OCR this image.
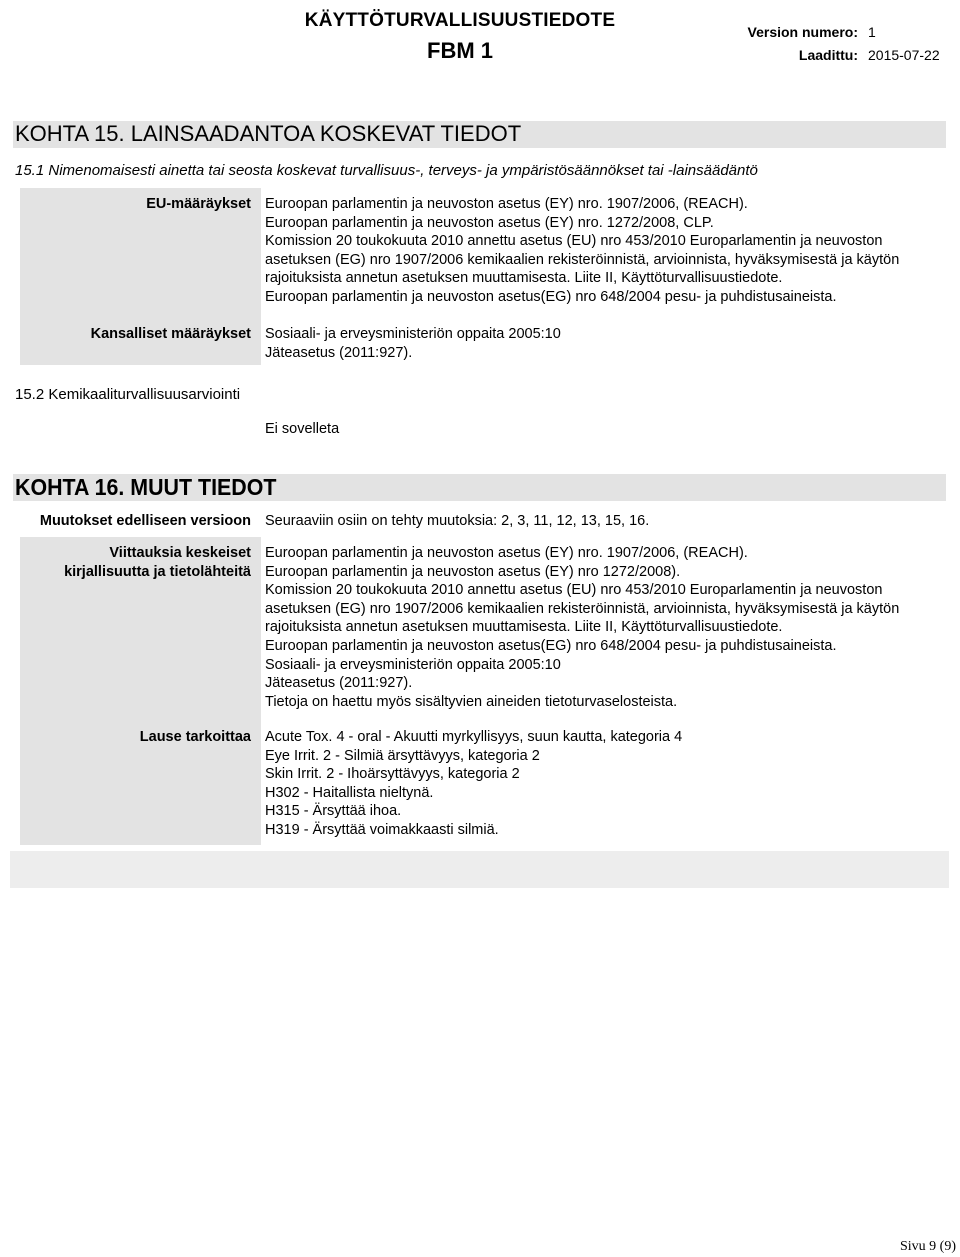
KÄYTTÖTURVALLISUUSTIEDOTE
FBM 1
Version numero: 1
Laadittu: 2015-07-22
KOHTA 15. LAINSAADANTOA KOSKEVAT TIEDOT
15.1 Nimenomaisesti ainetta tai seosta koskevat turvallisuus-, terveys- ja ympäristösäännökset tai -lainsäädäntö
EU-määräykset Euroopan parlamentin ja neuvoston asetus (EY) nro. 1907/2006, (REACH).
Euroopan parlamentin ja neuvoston asetus (EY) nro. 1272/2008, CLP.
Komission 20 toukokuuta 2010 annettu asetus (EU) nro 453/2010 Europarlamentin ja neuvoston
asetuksen (EG) nro 1907/2006 kemikaalien rekisteröinnistä, arvioinnista, hyväksymisestä ja käytön
rajoituksista annetun asetuksen muuttamisesta. Liite II, Käyttöturvallisuustiedote.
Euroopan parlamentin ja neuvoston asetus(EG) nro 648/2004 pesu- ja puhdistusaineista.
Kansalliset määräykset Sosiaali- ja erveysministeriön oppaita 2005:10
Jäteasetus (2011:927).
15.2 Kemikaaliturvallisuusarviointi
Ei sovelleta
KOHTA 16. MUUT TIEDOT
Muutokset edelliseen versioon Seuraaviin osiin on tehty muutoksia: 2, 3, 11, 12, 13, 15, 16.
Viittauksia keskeiset
kirjallisuutta ja tietolähteitä
Euroopan parlamentin ja neuvoston asetus (EY) nro. 1907/2006, (REACH).
Euroopan parlamentin ja neuvoston asetus (EY) nro 1272/2008).
Komission 20 toukokuuta 2010 annettu asetus (EU) nro 453/2010 Europarlamentin ja neuvoston
asetuksen (EG) nro 1907/2006 kemikaalien rekisteröinnistä, arvioinnista, hyväksymisestä ja käytön
rajoituksista annetun asetuksen muuttamisesta. Liite II, Käyttöturvallisuustiedote.
Euroopan parlamentin ja neuvoston asetus(EG) nro 648/2004 pesu- ja puhdistusaineista.
Sosiaali- ja erveysministeriön oppaita 2005:10
Jäteasetus (2011:927).
Tietoja on haettu myös sisältyvien aineiden tietoturvaselosteista.
Lause tarkoittaa Acute Tox. 4 - oral - Akuutti myrkyllisyys, suun kautta, kategoria 4
Eye Irrit. 2 - Silmiä ärsyttävyys, kategoria 2
Skin Irrit. 2 - Ihoärsyttävyys, kategoria 2
H302 - Haitallista nieltynä.
H315 - Ärsyttää ihoa.
H319 - Ärsyttää voimakkaasti silmiä.
Sivu 9 (9)
